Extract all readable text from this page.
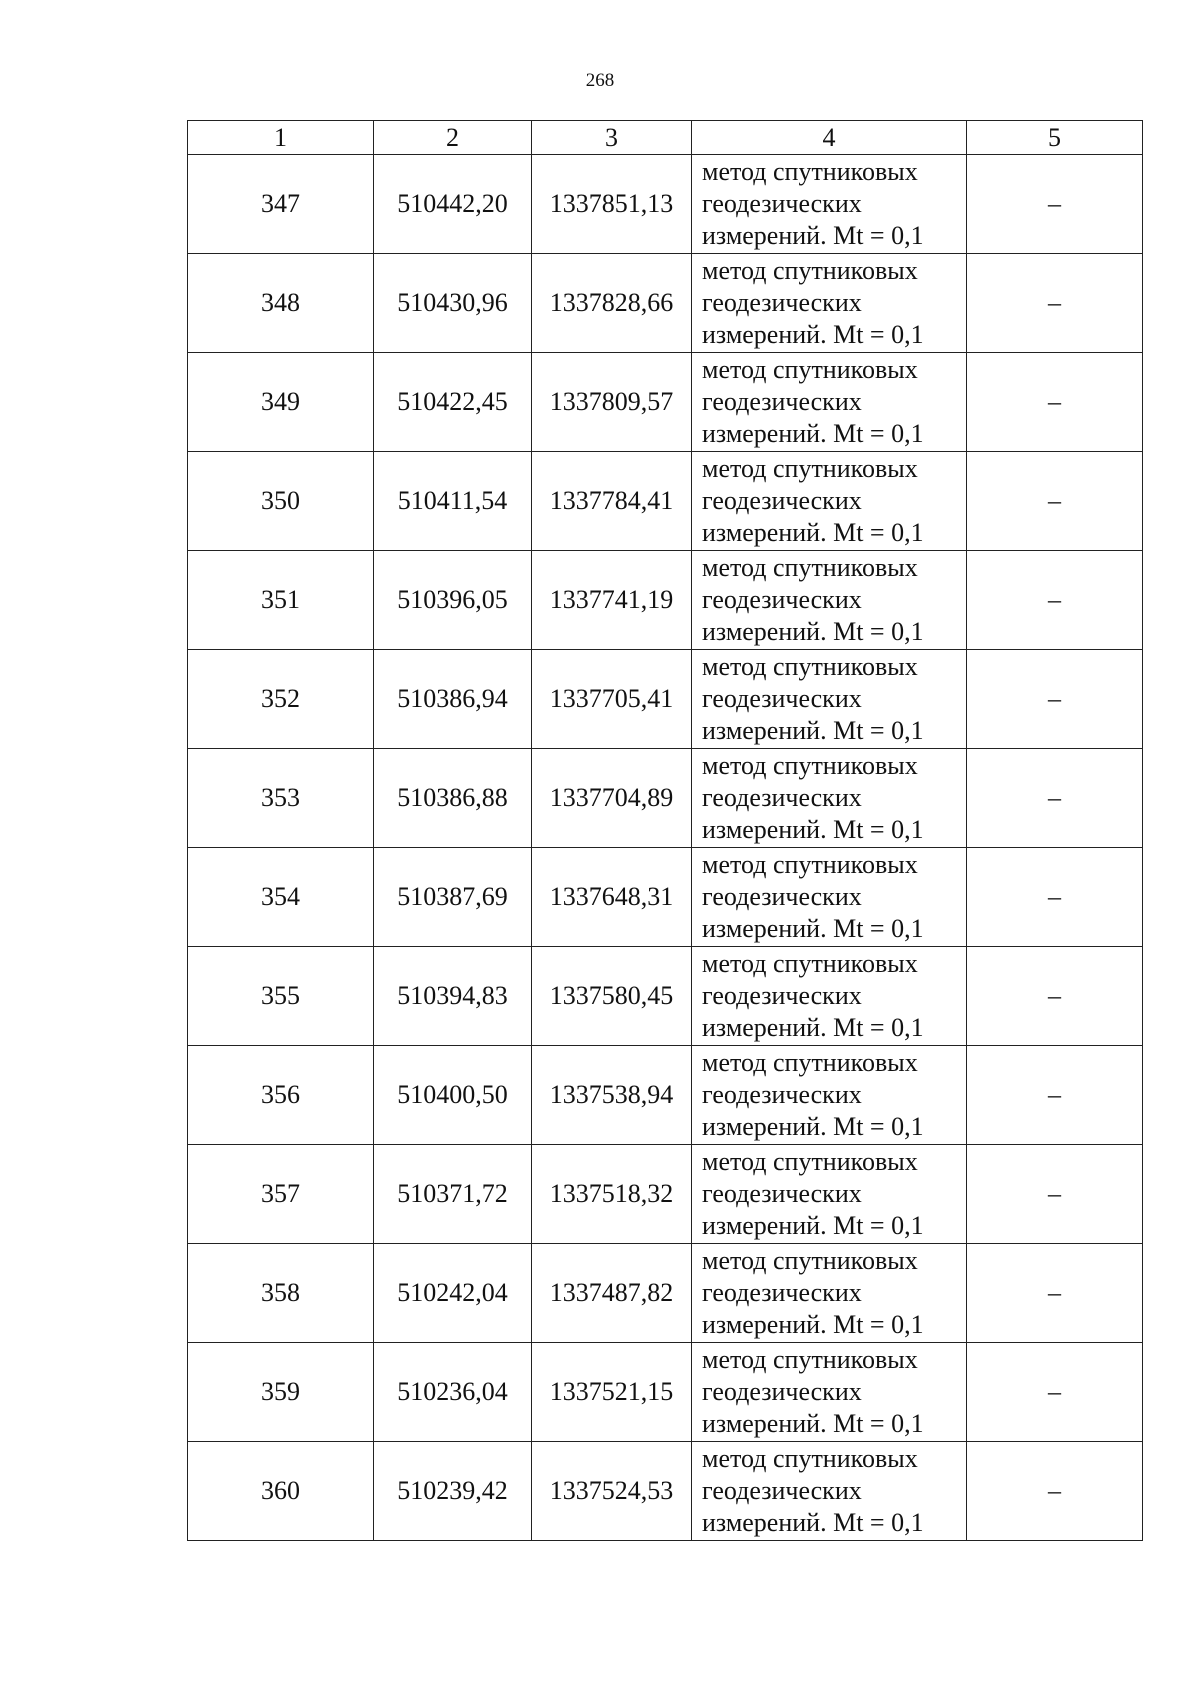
268
1	2	3	4	5
347	510442,20	1337851,13	метод спутниковых
геодезических
измерений. Mt = 0,1	–
348	510430,96	1337828,66	метод спутниковых
геодезических
измерений. Mt = 0,1	–
349	510422,45	1337809,57	метод спутниковых
геодезических
измерений. Mt = 0,1	–
350	510411,54	1337784,41	метод спутниковых
геодезических
измерений. Mt = 0,1	–
351	510396,05	1337741,19	метод спутниковых
геодезических
измерений. Mt = 0,1	–
352	510386,94	1337705,41	метод спутниковых
геодезических
измерений. Mt = 0,1	–
353	510386,88	1337704,89	метод спутниковых
геодезических
измерений. Mt = 0,1	–
354	510387,69	1337648,31	метод спутниковых
геодезических
измерений. Mt = 0,1	–
355	510394,83	1337580,45	метод спутниковых
геодезических
измерений. Mt = 0,1	–
356	510400,50	1337538,94	метод спутниковых
геодезических
измерений. Mt = 0,1	–
357	510371,72	1337518,32	метод спутниковых
геодезических
измерений. Mt = 0,1	–
358	510242,04	1337487,82	метод спутниковых
геодезических
измерений. Mt = 0,1	–
359	510236,04	1337521,15	метод спутниковых
геодезических
измерений. Mt = 0,1	–
360	510239,42	1337524,53	метод спутниковых
геодезических
измерений. Mt = 0,1	–
